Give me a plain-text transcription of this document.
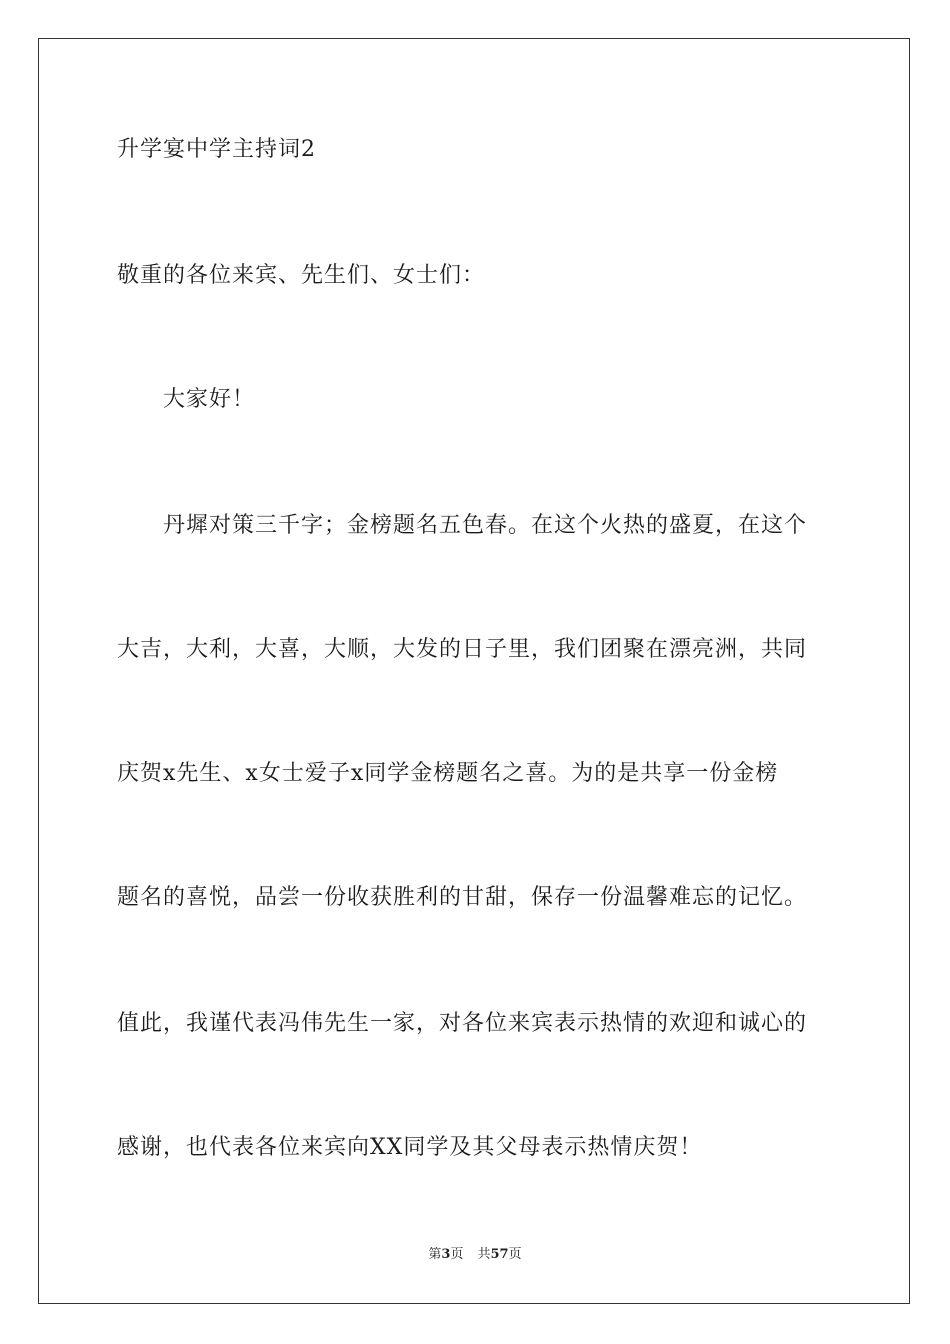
升学宴中学主持词2
敬重的各位来宾、先生们、女士们：
大家好！
丹墀对策三千字；金榜题名五色春。在这个火热的盛夏，在这个
大吉，大利，大喜，大顺，大发的日子里，我们团聚在漂亮洲，共同
庆贺x先生、x女士爱子x同学金榜题名之喜。为的是共享一份金榜
题名的喜悦，品尝一份收获胜利的甘甜，保存一份温馨难忘的记忆。
值此，我谨代表冯伟先生一家，对各位来宾表示热情的欢迎和诚心的
感谢，也代表各位来宾向XX同学及其父母表示热情庆贺！
第3页 共57页
